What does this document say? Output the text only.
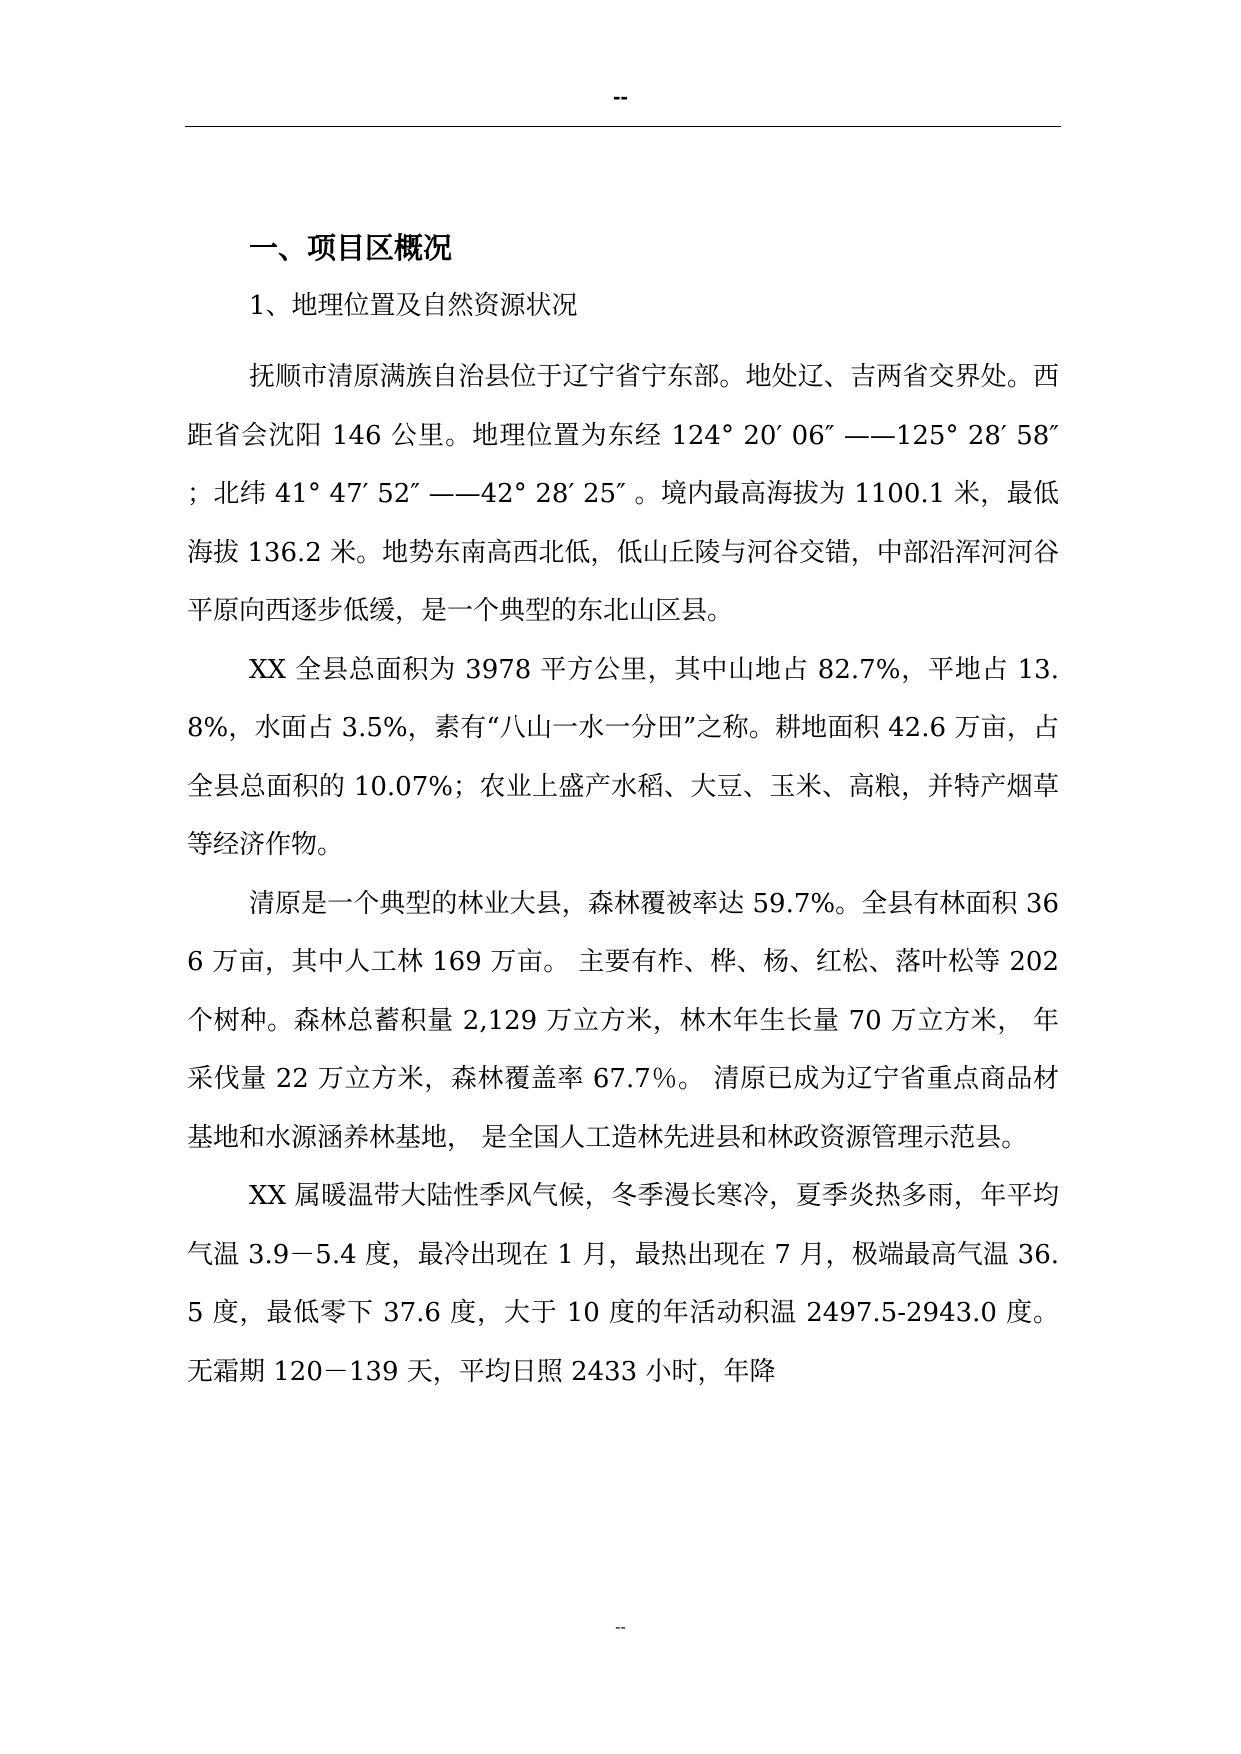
--
一、项目区概况

1、地理位置及自然资源状况

抚顺市清原满族自治县位于辽宁省宁东部。地处辽、吉两省交界处。西距省会沈阳 146 公里。地理位置为东经 124° 20′ 06″ ——125° 28′ 58″ ；北纬 41° 47′ 52″ ——42° 28′ 25″ 。境内最高海拔为 1100.1 米，最低海拔 136.2 米。地势东南高西北低，低山丘陵与河谷交错，中部沿浑河河谷平原向西逐步低缓，是一个典型的东北山区县。

XX 全县总面积为 3978 平方公里，其中山地占 82.7%，平地占 13.8%，水面占 3.5%，素有“八山一水一分田”之称。耕地面积 42.6 万亩，占全县总面积的 10.07%；农业上盛产水稻、大豆、玉米、高粮，并特产烟草等经济作物。

清原是一个典型的林业大县，森林覆被率达 59.7%。全县有林面积 366 万亩，其中人工林 169 万亩。 主要有柞、桦、杨、红松、落叶松等 202 个树种。森林总蓄积量 2,129 万立方米，林木年生长量 70 万立方米， 年采伐量 22 万立方米，森林覆盖率 67.7％。 清原已成为辽宁省重点商品材基地和水源涵养林基地， 是全国人工造林先进县和林政资源管理示范县。

XX 属暖温带大陆性季风气候，冬季漫长寒冷，夏季炎热多雨，年平均气温 3.9－5.4 度，最冷出现在 1 月，最热出现在 7 月，极端最高气温 36.5 度，最低零下 37.6 度，大于 10 度的年活动积温 2497.5-2943.0 度。无霜期 120－139 天，平均日照 2433 小时，年降

--
